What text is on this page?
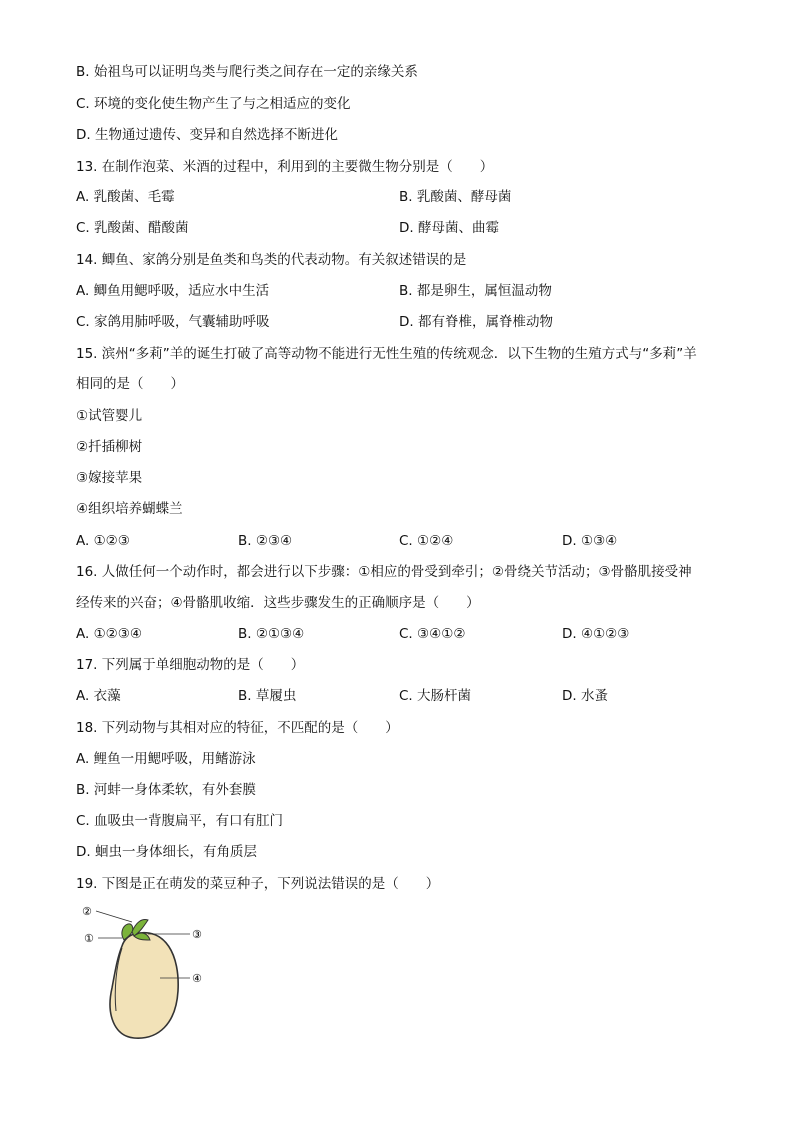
B. 始祖鸟可以证明鸟类与爬行类之间存在一定的亲缘关系
C. 环境的变化使生物产生了与之相适应的变化
D. 生物通过遗传、变异和自然选择不断进化
13. 在制作泡菜、米酒的过程中，利用到的主要微生物分别是（　　）
A. 乳酸菌、毛霉	B. 乳酸菌、酵母菌
C. 乳酸菌、醋酸菌	D. 酵母菌、曲霉
14. 鲫鱼、家鸽分别是鱼类和鸟类的代表动物。有关叙述错误的是
A. 鲫鱼用鳃呼吸，适应水中生活	B. 都是卵生，属恒温动物
C. 家鸽用肺呼吸，气囊辅助呼吸	D. 都有脊椎，属脊椎动物
15. 滨州“多莉”羊的诞生打破了高等动物不能进行无性生殖的传统观念．以下生物的生殖方式与“多莉”羊
相同的是（　　）
①试管婴儿
②扦插柳树
③嫁接苹果
④组织培养蝴蝶兰
A. ①②③	B. ②③④	C. ①②④	D. ①③④
16. 人做任何一个动作时，都会进行以下步骤：①相应的骨受到牵引；②骨绕关节活动；③骨骼肌接受神
经传来的兴奋；④骨骼肌收缩．这些步骤发生的正确顺序是（　　）
A. ①②③④	B. ②①③④	C. ③④①②	D. ④①②③
17. 下列属于单细胞动物的是（　　）
A. 衣藻	B. 草履虫	C. 大肠杆菌	D. 水蚤
18. 下列动物与其相对应的特征，不匹配的是（　　）
A. 鲤鱼一用鳃呼吸，用鳍游泳
B. 河蚌一身体柔软，有外套膜
C. 血吸虫一背腹扁平，有口有肛门
D. 蛔虫一身体细长，有角质层
19. 下图是正在萌发的菜豆种子，下列说法错误的是（　　）
②
①	③
④
